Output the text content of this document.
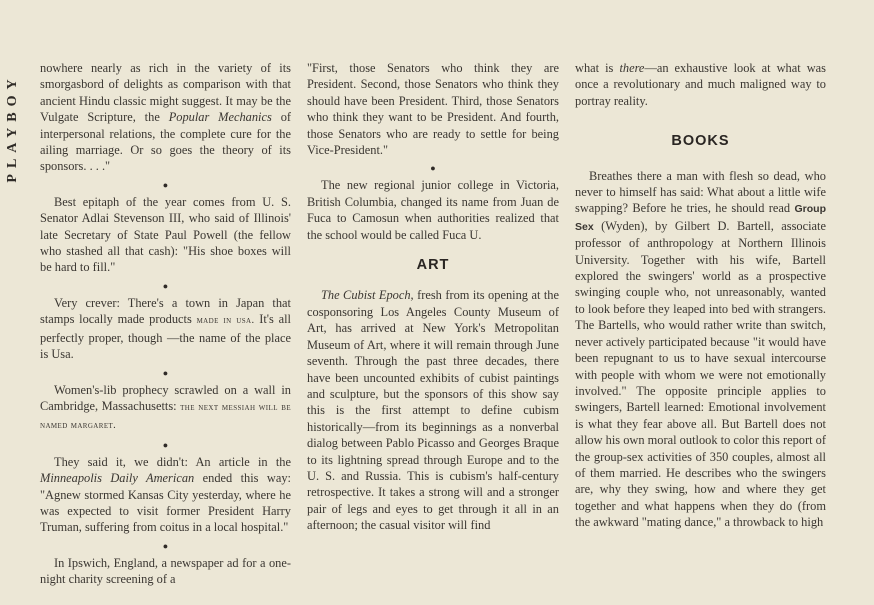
PLAYBOY

nowhere nearly as rich in the variety of its smorgasbord of delights as comparison with that ancient Hindu classic might suggest. It may be the Vulgate Scripture, the Popular Mechanics of interpersonal relations, the complete cure for the ailing marriage. Or so goes the theory of its sponsors. . . ."

●

Best epitaph of the year comes from U. S. Senator Adlai Stevenson III, who said of Illinois' late Secretary of State Paul Powell (the fellow who stashed all that cash): "His shoe boxes will be hard to fill."

●

Very crever: There's a town in Japan that stamps locally made products made in usa. It's all perfectly proper, though —the name of the place is Usa.

●

Women's-lib prophecy scrawled on a wall in Cambridge, Massachusetts: the next messiah will be named margaret.

●

They said it, we didn't: An article in the Minneapolis Daily American ended this way: "Agnew stormed Kansas City yesterday, where he was expected to visit former President Harry Truman, suffering from coitus in a local hospital."

●

In Ipswich, England, a newspaper ad for a one-night charity screening of a

"First, those Senators who think they are President. Second, those Senators who think they should have been President. Third, those Senators who think they want to be President. And fourth, those Senators who are ready to settle for being Vice-President."

●

The new regional junior college in Victoria, British Columbia, changed its name from Juan de Fuca to Camosun when authorities realized that the school would be called Fuca U.

ART

The Cubist Epoch, fresh from its opening at the cosponsoring Los Angeles County Museum of Art, has arrived at New York's Metropolitan Museum of Art, where it will remain through June seventh. Through the past three decades, there have been uncounted exhibits of cubist paintings and sculpture, but the sponsors of this show say this is the first attempt to define cubism historically—from its beginnings as a nonverbal dialog between Pablo Picasso and Georges Braque to its lightning spread through Europe and to the U. S. and Russia. This is cubism's half-century retrospective. It takes a strong will and a stronger pair of legs and eyes to get through it all in an afternoon; the casual visitor will find

what is there—an exhaustive look at what was once a revolutionary and much maligned way to portray reality.

BOOKS

Breathes there a man with flesh so dead, who never to himself has said: What about a little wife swapping? Before he tries, he should read Group Sex (Wyden), by Gilbert D. Bartell, associate professor of anthropology at Northern Illinois University. Together with his wife, Bartell explored the swingers' world as a prospective swinging couple who, not unreasonably, wanted to look before they leaped into bed with strangers. The Bartells, who would rather write than switch, never actively participated because "it would have been repugnant to us to have sexual intercourse with people with whom we were not emotionally involved." The opposite principle applies to swingers, Bartell learned: Emotional involvement is what they fear above all. But Bartell does not allow his own moral outlook to color this report of the group-sex activities of 350 couples, almost all of them married. He describes who the swingers are, why they swing, how and where they get together and what happens when they do (from the awkward "mating dance," a throwback to high
